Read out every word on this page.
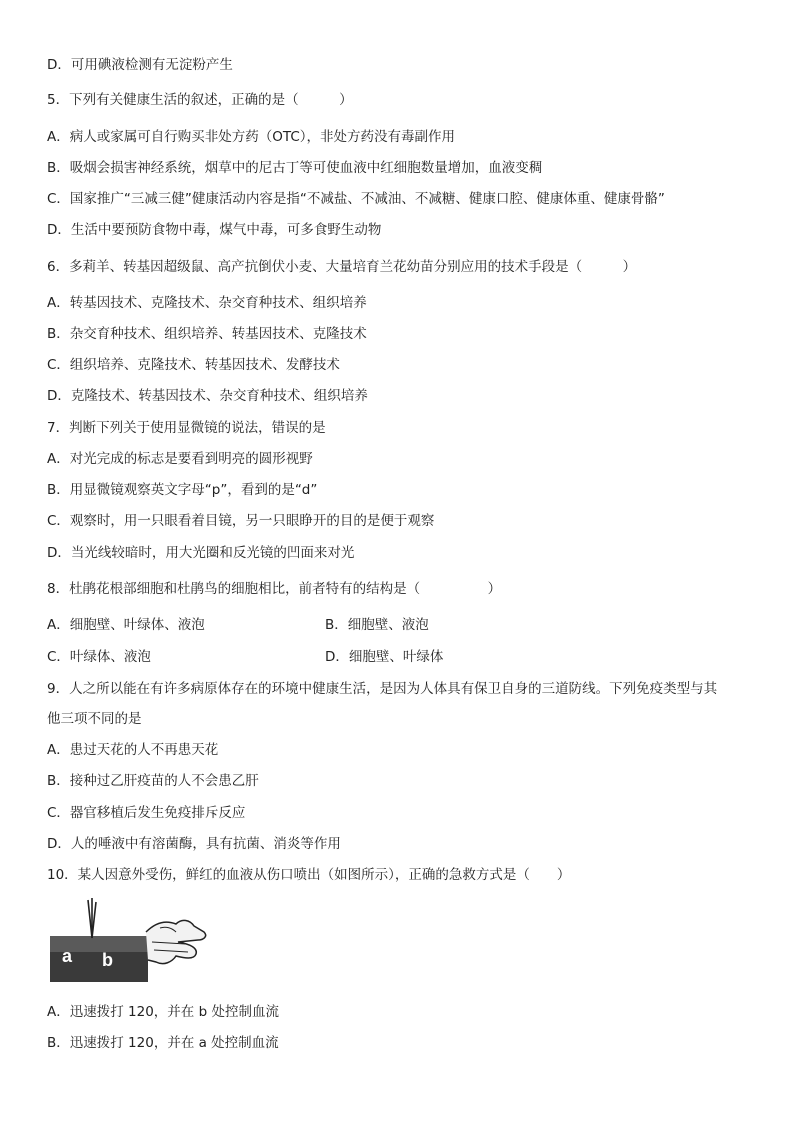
D．可用碘液检测有无淀粉产生
5．下列有关健康生活的叙述，正确的是（　　　）
A．病人或家属可自行购买非处方药（OTC），非处方药没有毒副作用
B．吸烟会损害神经系统，烟草中的尼古丁等可使血液中红细胞数量增加，血液变稠
C．国家推广“三减三健”健康活动内容是指“不减盐、不减油、不减糖、健康口腔、健康体重、健康骨骼”
D．生活中要预防食物中毒，煤气中毒，可多食野生动物
6．多莉羊、转基因超级鼠、高产抗倒伏小麦、大量培育兰花幼苗分别应用的技术手段是（　　　）
A．转基因技术、克隆技术、杂交育种技术、组织培养
B．杂交育种技术、组织培养、转基因技术、克隆技术
C．组织培养、克隆技术、转基因技术、发酵技术
D．克隆技术、转基因技术、杂交育种技术、组织培养
7．判断下列关于使用显微镜的说法，错误的是
A．对光完成的标志是要看到明亮的圆形视野
B．用显微镜观察英文字母“p”，看到的是“d”
C．观察时，用一只眼看着目镜，另一只眼睁开的目的是便于观察
D．当光线较暗时，用大光圈和反光镜的凹面来对光
8．杜鹃花根部细胞和杜鹃鸟的细胞相比，前者特有的结构是（　　　　　）
A．细胞壁、叶绿体、液泡	B．细胞壁、液泡
C．叶绿体、液泡	D．细胞壁、叶绿体
9．人之所以能在有许多病原体存在的环境中健康生活，是因为人体具有保卫自身的三道防线。下列免疫类型与其
他三项不同的是
A．患过天花的人不再患天花
B．接种过乙肝疫苗的人不会患乙肝
C．器官移植后发生免疫排斥反应
D．人的唾液中有溶菌酶，具有抗菌、消炎等作用
10．某人因意外受伤，鲜红的血液从伤口喷出（如图所示），正确的急救方式是（　　）
a b
A．迅速拨打 120，并在 b 处控制血流
B．迅速拨打 120，并在 a 处控制血流
